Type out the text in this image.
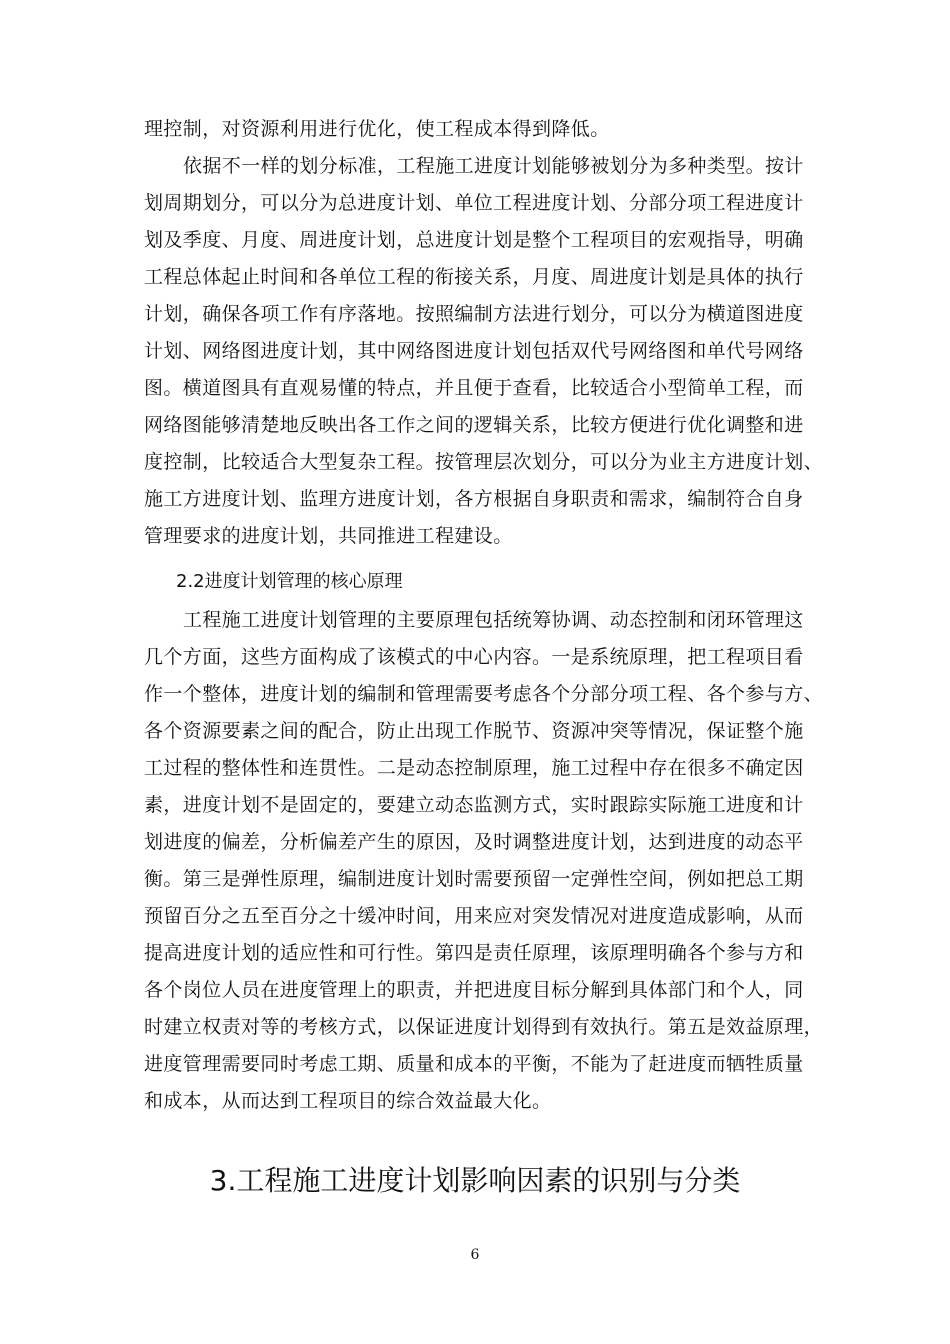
理控制，对资源利用进行优化，使工程成本得到降低。
依据不一样的划分标准，工程施工进度计划能够被划分为多种类型。按计
划周期划分，可以分为总进度计划、单位工程进度计划、分部分项工程进度计
划及季度、月度、周进度计划，总进度计划是整个工程项目的宏观指导，明确
工程总体起止时间和各单位工程的衔接关系，月度、周进度计划是具体的执行
计划，确保各项工作有序落地。按照编制方法进行划分，可以分为横道图进度
计划、网络图进度计划，其中网络图进度计划包括双代号网络图和单代号网络
图。横道图具有直观易懂的特点，并且便于查看，比较适合小型简单工程，而
网络图能够清楚地反映出各工作之间的逻辑关系，比较方便进行优化调整和进
度控制，比较适合大型复杂工程。按管理层次划分，可以分为业主方进度计划、
施工方进度计划、监理方进度计划，各方根据自身职责和需求，编制符合自身
管理要求的进度计划，共同推进工程建设。
2.2进度计划管理的核心原理
工程施工进度计划管理的主要原理包括统筹协调、动态控制和闭环管理这
几个方面，这些方面构成了该模式的中心内容。一是系统原理，把工程项目看
作一个整体，进度计划的编制和管理需要考虑各个分部分项工程、各个参与方、
各个资源要素之间的配合，防止出现工作脱节、资源冲突等情况，保证整个施
工过程的整体性和连贯性。二是动态控制原理，施工过程中存在很多不确定因
素，进度计划不是固定的，要建立动态监测方式，实时跟踪实际施工进度和计
划进度的偏差，分析偏差产生的原因，及时调整进度计划，达到进度的动态平
衡。第三是弹性原理，编制进度计划时需要预留一定弹性空间，例如把总工期
预留百分之五至百分之十缓冲时间，用来应对突发情况对进度造成影响，从而
提高进度计划的适应性和可行性。第四是责任原理，该原理明确各个参与方和
各个岗位人员在进度管理上的职责，并把进度目标分解到具体部门和个人，同
时建立权责对等的考核方式，以保证进度计划得到有效执行。第五是效益原理，
进度管理需要同时考虑工期、质量和成本的平衡，不能为了赶进度而牺牲质量
和成本，从而达到工程项目的综合效益最大化。
3.工程施工进度计划影响因素的识别与分类
6
